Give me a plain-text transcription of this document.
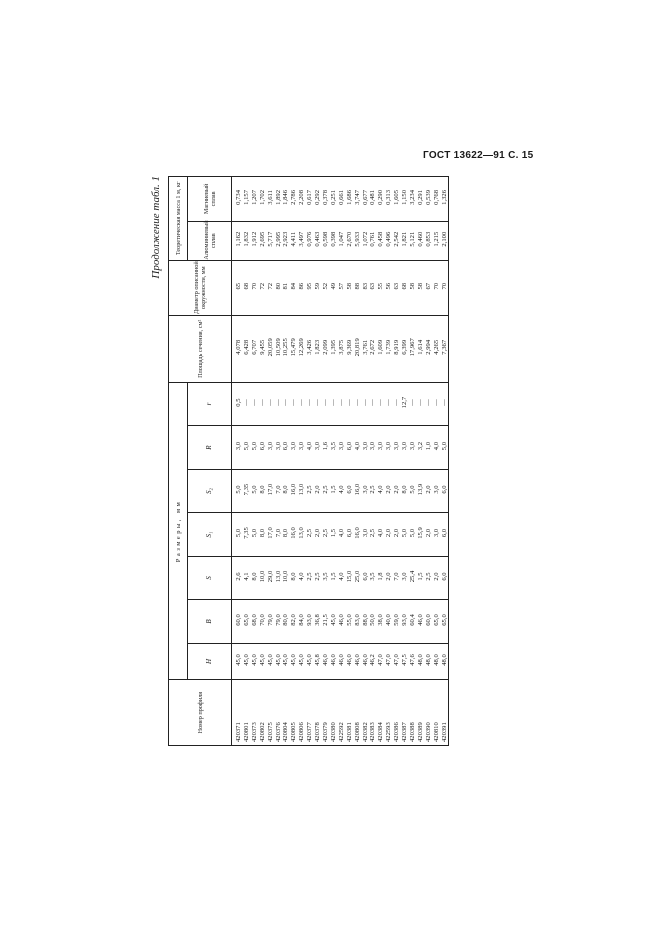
ГОСТ 13622—91 С. 15
Продолжение табл. 1
Номер профиля	Размеры, мм							Площадь сечения, см²	Диаметр описанной окружности, мм	Теоретическая масса 1 м, кг	
	H	B	S	S₁	S₂	R	r			Алюминиевый сплав	Магниевый сплав
420371	45,0	60,0	2,6	5,0	5,0	3,0	0,5	4,078	65	1,162	0,734
420801	45,0	65,0	4,1	7,35	7,35	5,0	—	6,428	68	1,832	1,157
420373	45,0	68,0	8,0	5,0	5,0	5,0	—	6,707	70	1,912	1,207
420802	45,0	70,0	10,0	8,0	8,0	6,0	—	9,455	72	2,695	1,702
420375	45,0	79,0	29,0	17,0	17,0	3,0	—	20,059	72	5,717	3,611
420376	45,0	79,0	13,0	7,0	7,0	3,0	—	10,509	80	2,995	1,892
420804	45,0	80,0	10,0	8,0	8,0	6,0	—	10,255	81	2,923	1,846
420805	45,0	82,0	8,0	16,0	16,0	3,0	—	15,479	84	4,411	2,786
420806	45,0	84,0	4,0	13,0	13,0	3,0	—	12,269	86	3,497	2,208
420377	45,0	93,0	2,5	2,5	2,5	4,0	—	3,426	95	0,976	0,617
420378	45,8	36,8	2,5	2,0	2,0	3,0	—	1,823	59	0,463	0,292
420379	46,0	21,5	3,5	2,5	2,5	1,6	—	2,099	52	0,598	0,378
420380	46,0	45,0	1,5	1,5	1,5	3,5	—	1,395	49	0,398	0,251
422592	46,0	46,0	4,0	4,0	4,0	3,0	—	3,875	57	1,047	0,661
420381	46,0	55,0	15,0	6,0	6,0	6,0	—	9,369	58	2,670	1,686
420808	46,0	83,0	25,0	16,0	16,0	4,0	—	20,819	88	5,933	3,747
420382	46,0	88,0	6,0	3,0	3,0	3,0	—	3,761	83	1,072	0,677
420383	46,2	50,0	3,5	2,5	2,5	3,0	—	2,672	63	0,761	0,481
420384	47,0	38,0	1,8	4,0	4,0	3,0	—	1,609	55	0,458	0,290
422593	47,0	40,0	2,0	2,0	2,0	3,0	—	1,739	56	0,496	0,313
420386	47,0	59,0	7,0	2,0	2,0	3,0	—	8,919	63	2,542	1,605
420387	47,5	93,0	3,0	5,0	8,0	3,0	12,7	6,399	68	1,821	1,150
420388	47,6	60,4	25,4	5,0	5,0	3,0	—	17,967	58	5,121	3,234
420389	48,0	46,0	1,5	15,9	13,9	3,2	—	1,614	58	0,460	0,291
420390	48,0	60,0	2,5	2,0	2,0	1,0	—	2,994	67	0,853	0,539
420810	48,0	65,0	2,0	3,0	3,0	4,0	—	4,265	70	1,215	0,768
420391	48,0	65,0	6,0	6,0	6,0	5,0	—	7,367	70	2,100	1,326
